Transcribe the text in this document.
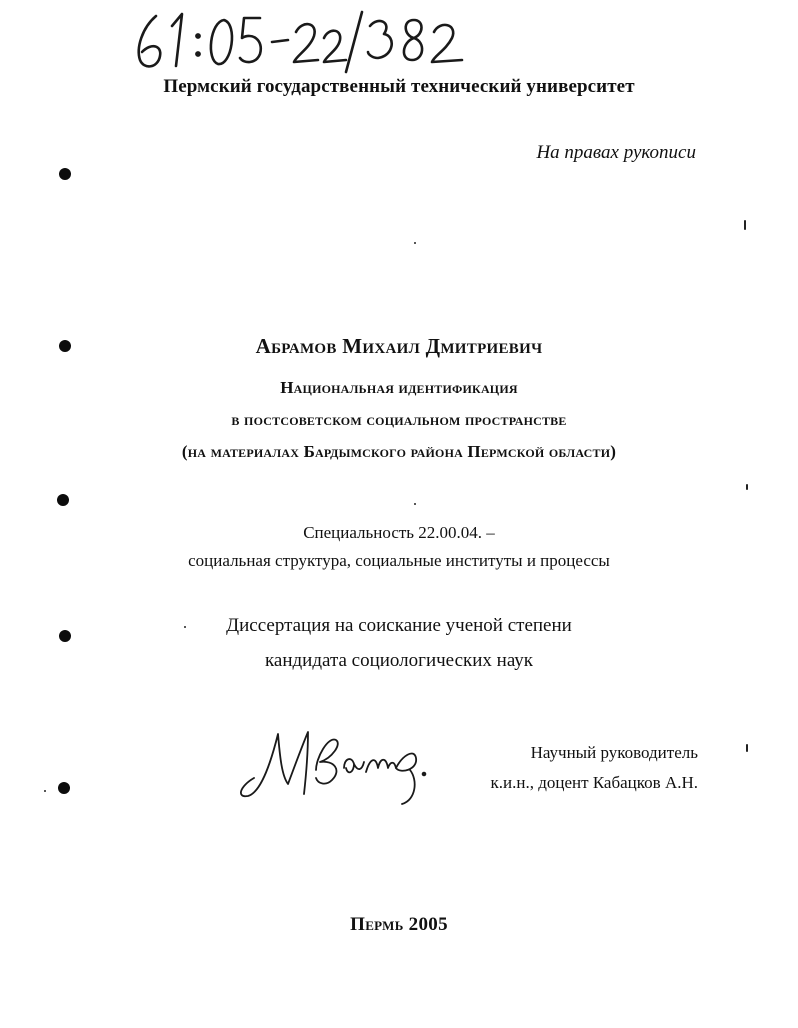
Пермский государственный технический университет
На правах рукописи
Абрамов Михаил Дмитриевич
Национальная идентификация
в постсоветском социальном пространстве
(на материалах Бардымского района Пермской области)
Специальность 22.00.04. –
социальная структура, социальные институты и процессы
Диссертация на соискание ученой степени
кандидата социологических наук
Научный руководитель
к.и.н., доцент Кабацков А.Н.
Пермь 2005
